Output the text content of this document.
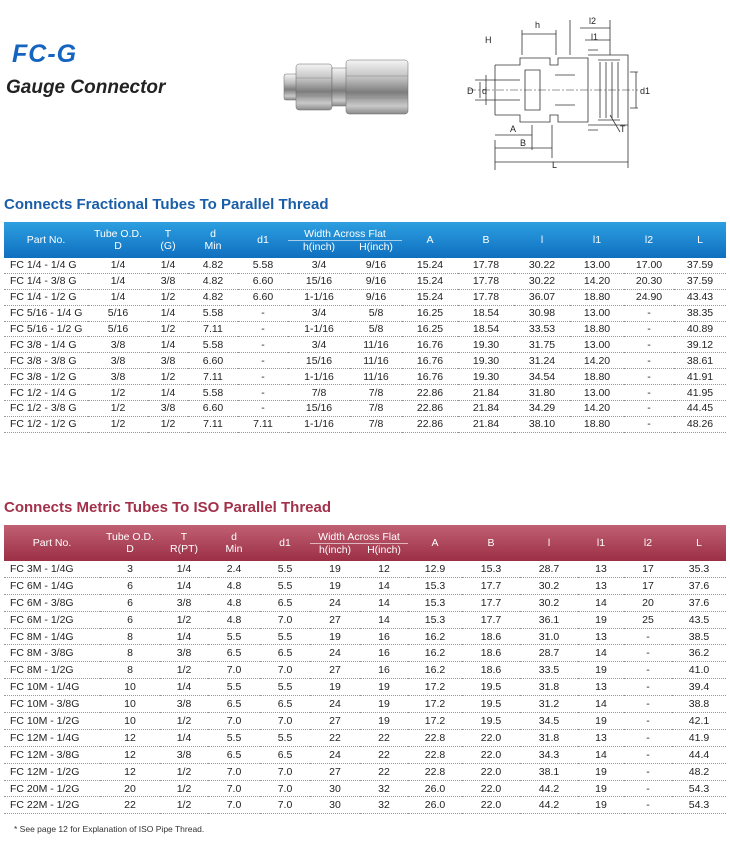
FC-G
Gauge Connector
h
H
l2
l1
D d	d1
A
B
T
L
Connects Fractional Tubes To Parallel Thread
Part No.	Tube O.D.
D	T
(G)	d
Min	d1	Width Across Flat
h(inch) H(inch)		A	B	l	l1	l2	L
FC 1/4 - 1/4 G	1/4	1/4	4.82	5.58	3/4	9/16	15.24	17.78	30.22	13.00	17.00	37.59
FC 1/4 - 3/8 G	1/4	3/8	4.82	6.60	15/16	9/16	15.24	17.78	30.22	14.20	20.30	37.59
FC 1/4 - 1/2 G	1/4	1/2	4.82	6.60	1-1/16	9/16	15.24	17.78	36.07	18.80	24.90	43.43
FC 5/16 - 1/4 G	5/16	1/4	5.58	-	3/4	5/8	16.25	18.54	30.98	13.00	-	38.35
FC 5/16 - 1/2 G	5/16	1/2	7.11	-	1-1/16	5/8	16.25	18.54	33.53	18.80	-	40.89
FC 3/8 - 1/4 G	3/8	1/4	5.58	-	3/4	11/16	16.76	19.30	31.75	13.00	-	39.12
FC 3/8 - 3/8 G	3/8	3/8	6.60	-	15/16	11/16	16.76	19.30	31.24	14.20	-	38.61
FC 3/8 - 1/2 G	3/8	1/2	7.11	-	1-1/16	11/16	16.76	19.30	34.54	18.80	-	41.91
FC 1/2 - 1/4 G	1/2	1/4	5.58	-	7/8	7/8	22.86	21.84	31.80	13.00	-	41.95
FC 1/2 - 3/8 G	1/2	3/8	6.60	-	15/16	7/8	22.86	21.84	34.29	14.20	-	44.45
FC 1/2 - 1/2 G	1/2	1/2	7.11	7.11	1-1/16	7/8	22.86	21.84	38.10	18.80	-	48.26
Connects Metric Tubes To ISO Parallel Thread
Part No.	Tube O.D.
D	T
R(PT)	d
Min	d1	Width Across Flat
h(inch) H(inch)		A	B	l	l1	l2	L
FC 3M - 1/4G	3	1/4	2.4	5.5	19	12	12.9	15.3	28.7	13	17	35.3
FC 6M - 1/4G	6	1/4	4.8	5.5	19	14	15.3	17.7	30.2	13	17	37.6
FC 6M - 3/8G	6	3/8	4.8	6.5	24	14	15.3	17.7	30.2	14	20	37.6
FC 6M - 1/2G	6	1/2	4.8	7.0	27	14	15.3	17.7	36.1	19	25	43.5
FC 8M - 1/4G	8	1/4	5.5	5.5	19	16	16.2	18.6	31.0	13	-	38.5
FC 8M - 3/8G	8	3/8	6.5	6.5	24	16	16.2	18.6	28.7	14	-	36.2
FC 8M - 1/2G	8	1/2	7.0	7.0	27	16	16.2	18.6	33.5	19	-	41.0
FC 10M - 1/4G	10	1/4	5.5	5.5	19	19	17.2	19.5	31.8	13	-	39.4
FC 10M - 3/8G	10	3/8	6.5	6.5	24	19	17.2	19.5	31.2	14	-	38.8
FC 10M - 1/2G	10	1/2	7.0	7.0	27	19	17.2	19.5	34.5	19	-	42.1
FC 12M - 1/4G	12	1/4	5.5	5.5	22	22	22.8	22.0	31.8	13	-	41.9
FC 12M - 3/8G	12	3/8	6.5	6.5	24	22	22.8	22.0	34.3	14	-	44.4
FC 12M - 1/2G	12	1/2	7.0	7.0	27	22	22.8	22.0	38.1	19	-	48.2
FC 20M - 1/2G	20	1/2	7.0	7.0	30	32	26.0	22.0	44.2	19	-	54.3
FC 22M - 1/2G	22	1/2	7.0	7.0	30	32	26.0	22.0	44.2	19	-	54.3
* See page 12 for Explanation of ISO Pipe Thread.
